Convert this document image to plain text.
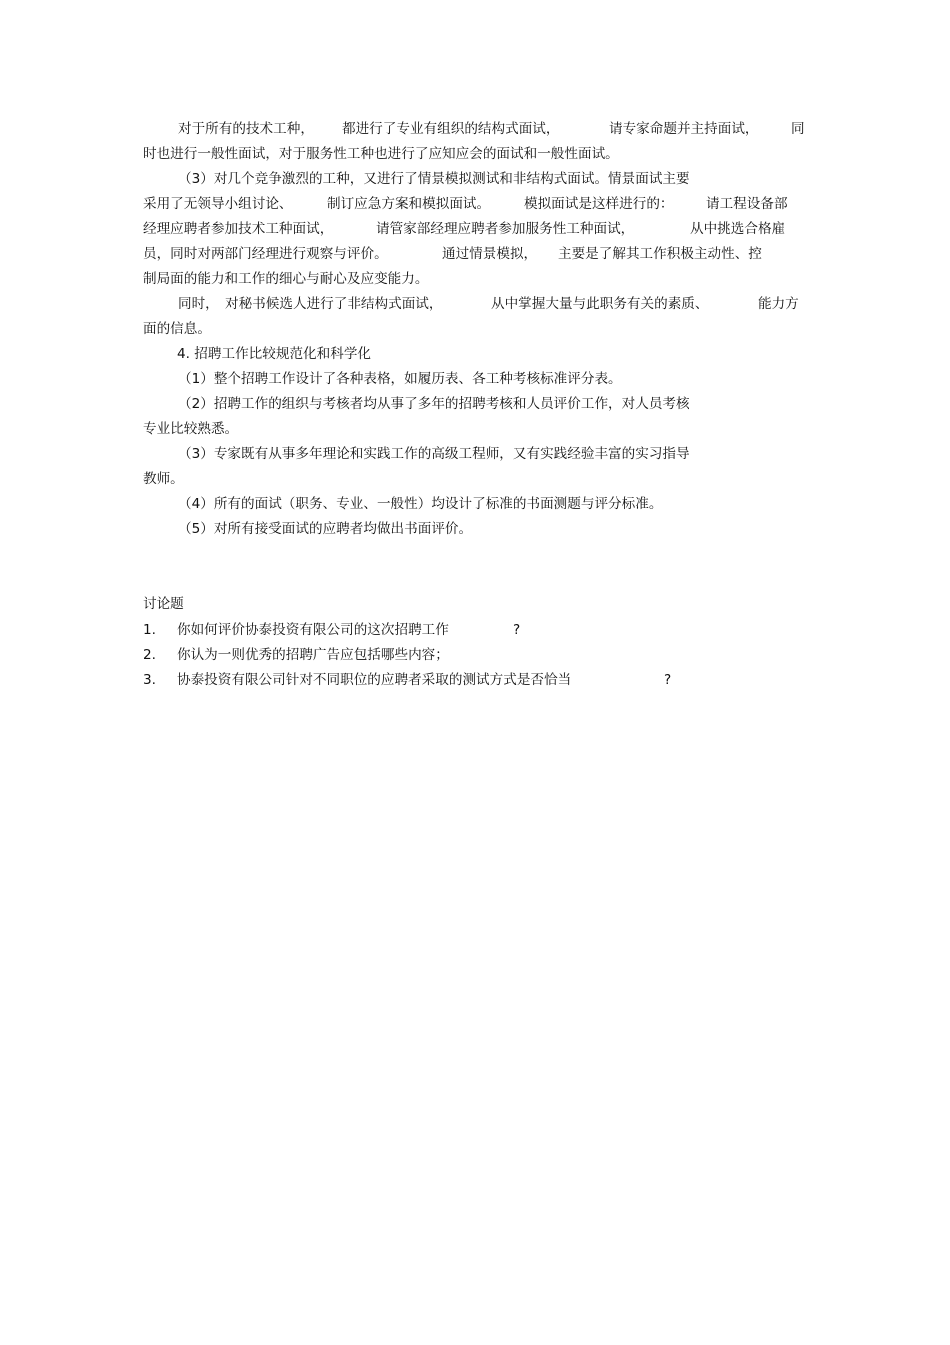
对于所有的技术工种， 都进行了专业有组织的结构式面试，	请专家命题并主持面试， 同
时也进行一般性面试，对于服务性工种也进行了应知应会的面试和一般性面试。
（3）对几个竞争激烈的工种，又进行了情景模拟测试和非结构式面试。情景面试主要
采用了无领导小组讨论、	制订应急方案和模拟面试。 模拟面试是这样进行的： 请工程设备部
经理应聘者参加技术工种面试，	请管家部经理应聘者参加服务性工种面试，	从中挑选合格雇
员，同时对两部门经理进行观察与评价。	通过情景模拟， 主要是了解其工作积极主动性、控
制局面的能力和工作的细心与耐心及应变能力。
同时， 对秘书候选人进行了非结构式面试，	从中掌握大量与此职务有关的素质、	能力方
面的信息。
4. 招聘工作比较规范化和科学化
（1）整个招聘工作设计了各种表格，如履历表、各工种考核标准评分表。
（2）招聘工作的组织与考核者均从事了多年的招聘考核和人员评价工作，对人员考核
专业比较熟悉。
（3）专家既有从事多年理论和实践工作的高级工程师，又有实践经验丰富的实习指导
教师。
（4）所有的面试（职务、专业、一般性）均设计了标准的书面测题与评分标准。
（5）对所有接受面试的应聘者均做出书面评价。
讨论题
1. 你如何评价协泰投资有限公司的这次招聘工作	?
2. 你认为一则优秀的招聘广告应包括哪些内容；
3. 协泰投资有限公司针对不同职位的应聘者采取的测试方式是否恰当	?
